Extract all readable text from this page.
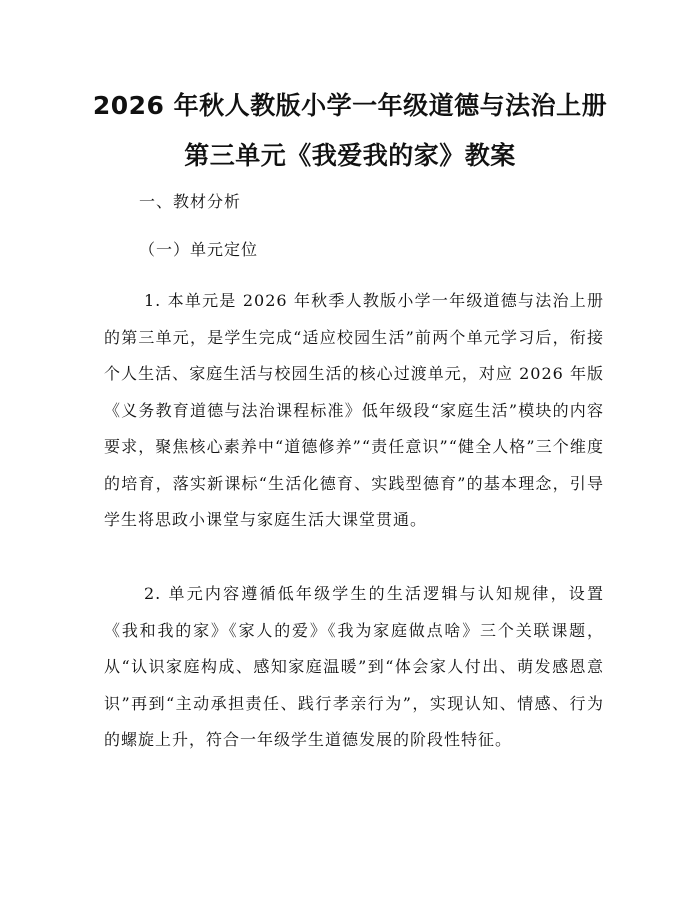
2026 年秋人教版小学一年级道德与法治上册
第三单元《我爱我的家》教案
一、教材分析
（一）单元定位

1. 本单元是 2026 年秋季人教版小学一年级道德与法治上册的第三单元，是学生完成“适应校园生活”前两个单元学习后，衔接个人生活、家庭生活与校园生活的核心过渡单元，对应 2026 年版《义务教育道德与法治课程标准》低年级段“家庭生活”模块的内容要求，聚焦核心素养中“道德修养”“责任意识”“健全人格”三个维度的培育，落实新课标“生活化德育、实践型德育”的基本理念，引导学生将思政小课堂与家庭生活大课堂贯通。

2. 单元内容遵循低年级学生的生活逻辑与认知规律，设置《我和我的家》《家人的爱》《我为家庭做点啥》三个关联课题，从“认识家庭构成、感知家庭温暖”到“体会家人付出、萌发感恩意识”再到“主动承担责任、践行孝亲行为”，实现认知、情感、行为的螺旋上升，符合一年级学生道德发展的阶段性特征。
